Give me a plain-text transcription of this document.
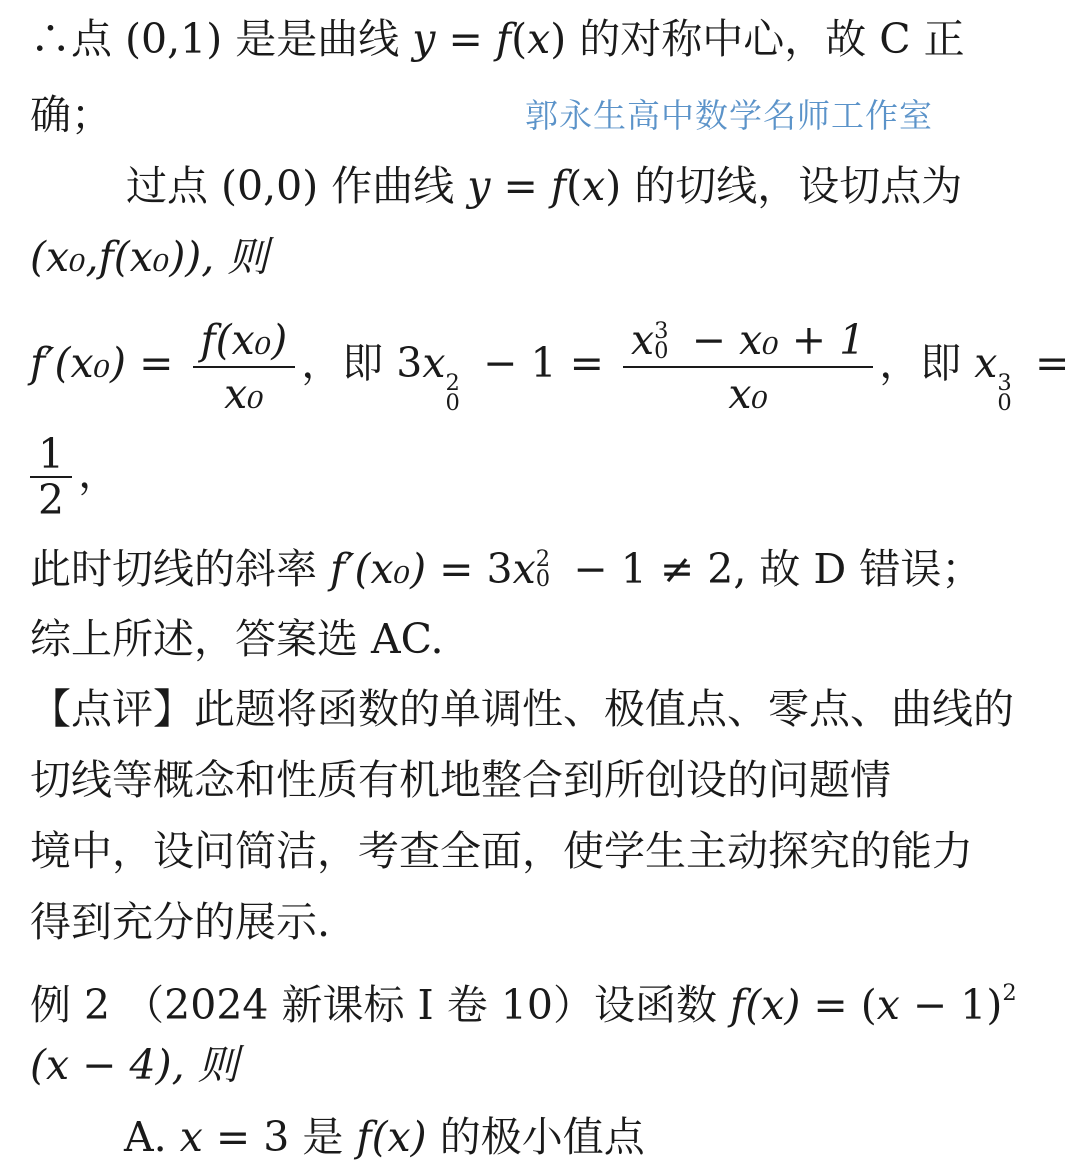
郭永生高中数学名师工作室
∴点 (0,1) 是是曲线 y = f(x) 的对称中心，故 C 正
确；
过点 (0,0) 作曲线 y = f(x) 的切线，设切点为
(x₀,f(x₀)), 则
$f'(x_0) = \frac{\text{f(x₀)}}{\text{x₀}}$ ，即 3x 2
0
− 1 = x 3
0 − x₀ + 1
x₀ ，即 x 3
0
=
$\frac{1}{2}$ ，
此时切线的斜率 f′(x₀) = 3x 2
0 − 1 ≠ 2, 故 D 错误；
综上所述，答案选 AC.
【点评】此题将函数的单调性、极值点、零点、曲线的
切线等概念和性质有机地整合到所创设的问题情
境中，设问简洁，考查全面，使学生主动探究的能力
得到充分的展示.
例 2 （2024 新课标 I 卷 10）设函数 $f(x) = (x - 1)^2$
(x − 4), 则
A. x = 3 是 f(x) 的极小值点
